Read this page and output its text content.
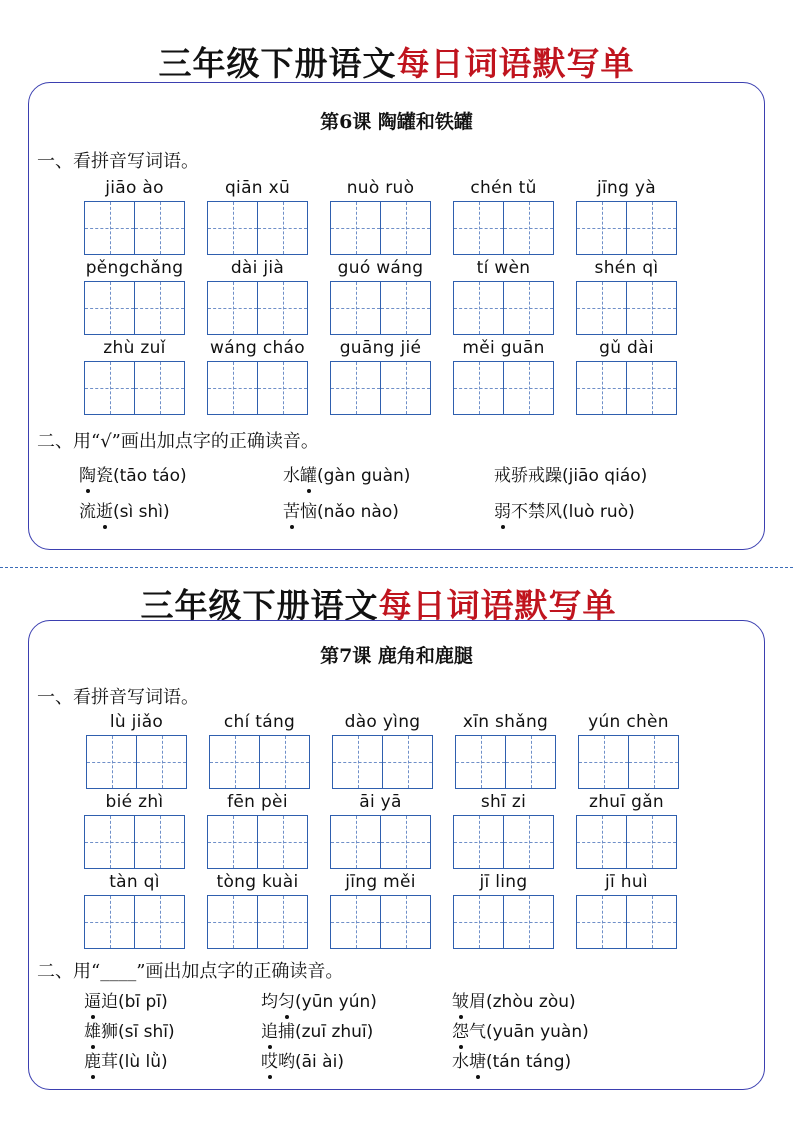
三年级下册语文每日词语默写单
第6课 陶罐和铁罐
一、看拼音写词语。
jiāo ào	qiān xū	nuò ruò	chén tǔ	jīng yà
pěngchǎng	dài jià	guó wáng	tí wèn	shén qì
zhù zuǐ	wáng cháo	guāng jié	měi guān	gǔ dài
二、用“√”画出加点字的正确读音。
陶瓷(tāo táo)	水罐(gàn guàn)	戒骄戒躁(jiāo qiáo)
流逝(sì shì)	苦恼(nǎo nào)	弱不禁风(luò ruò)
三年级下册语文每日词语默写单
第7课 鹿角和鹿腿
一、看拼音写词语。
lù jiǎo	chí táng	dào yìng	xīn shǎng	yún chèn
bié zhì	fēn pèi	āi yā	shī zi	zhuī gǎn
tàn qì	tòng kuài	jīng měi	jī ling	jī huì
二、用“____”画出加点字的正确读音。
逼迫(bī pī)	均匀(yūn yún)	皱眉(zhòu zòu)
雄狮(sī shī)	追捕(zuī zhuī)	怨气(yuān yuàn)
鹿茸(lù lǜ)	哎哟(āi ài)	水塘(tán táng)
